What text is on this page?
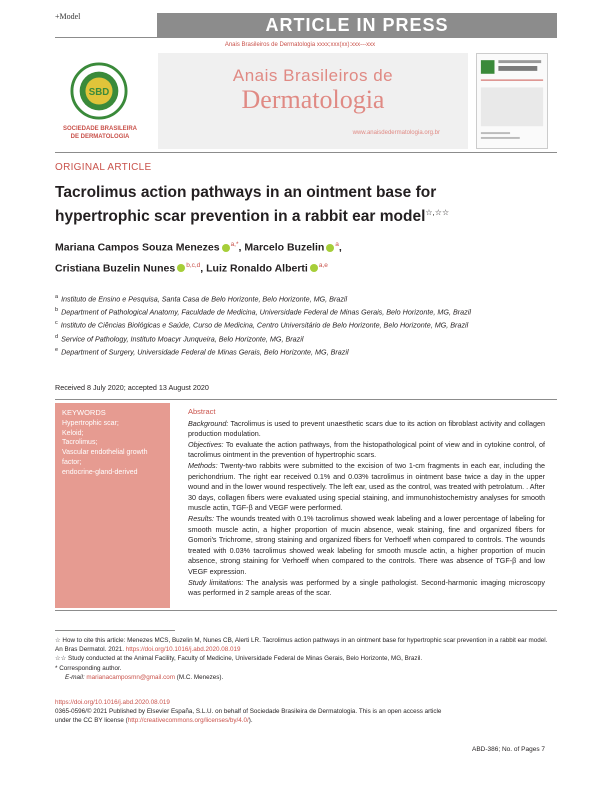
+Model	ARTICLE IN PRESS
Anais Brasileiros de Dermatologia xxxx;xxx(xx):xxx---xxx
SBD
SOCIEDADE BRASILEIRA
DE DERMATOLOGIA
Anais Brasileiros de
Dermatologia
www.anaisdedermatologia.org.br
ORIGINAL ARTICLE
Tacrolimus action pathways in an ointment base for
hypertrophic scar prevention in a rabbit ear model☆,☆☆
Mariana Campos Souza Menezes $^{a,*}$, Marcelo Buzelin $^a$,
Cristiana Buzelin Nunes $^{b,c,d}$, Luiz Ronaldo Alberti $^{a,e}$
$^a$ Instituto de Ensino e Pesquisa, Santa Casa de Belo Horizonte, Belo Horizonte, MG, Brazil
$^b$ Department of Pathological Anatomy, Faculdade de Medicina, Universidade Federal de Minas Gerais, Belo Horizonte, MG, Brazil
$^c$ Instituto de Ciências Biológicas e Saúde, Curso de Medicina, Centro Universitário de Belo Horizonte, Belo Horizonte, MG, Brazil
$^d$ Service of Pathology, Instituto Moacyr Junqueira, Belo Horizonte, MG, Brazil
$^e$ Department of Surgery, Universidade Federal de Minas Gerais, Belo Horizonte, MG, Brazil
Received 8 July 2020; accepted 13 August 2020
KEYWORDS
Hypertrophic scar;
Keloid;
Tacrolimus;
Vascular endothelial growth factor;
endocrine-gland-derived
Abstract

Background: Tacrolimus is used to prevent unaesthetic scars due to its action on fibroblast activity and collagen production modulation.

Objectives: To evaluate the action pathways, from the histopathological point of view and in cytokine control, of tacrolimus ointment in the prevention of hypertrophic scars.

Methods: Twenty-two rabbits were submitted to the excision of two 1-cm fragments in each ear, including the perichondrium. The right ear received 0.1% and 0.03% tacrolimus in ointment base twice a day in the upper wound and in the lower wound respectively. The left ear, used as the control, was treated with petrolatum. . After 30 days, collagen fibers were evaluated using special staining, and immunohistochemistry analyses for smooth muscle actin, TGF-β and VEGF were performed.

Results: The wounds treated with 0.1% tacrolimus showed weak labeling and a lower percentage of labeling for smooth muscle actin, a higher proportion of mucin absence, weak staining, fine and organized fibers for Gomori's Trichrome, strong staining and organized fibers for Verhoeff when compared to controls. The wounds treated with 0.03% tacrolimus showed weak labeling for smooth muscle actin, a higher proportion of mucin absence, strong staining for Verhoeff when compared to the controls. There was absence of TGF-β and low VEGF expression.

Study limitations: The analysis was performed by a single pathologist. Second-harmonic imaging microscopy was performed in 2 sample areas of the scar.

☆ How to cite this article: Menezes MCS, Buzelin M, Nunes CB, Alerti LR. Tacrolimus action pathways in an ointment base for hypertrophic scar prevention in a rabbit ear model. An Bras Dermatol. 2021. https://doi.org/10.1016/j.abd.2020.08.019
☆☆ Study conducted at the Animal Facility, Faculty of Medicine, Universidade Federal de Minas Gerais, Belo Horizonte, MG, Brazil.
* Corresponding author.
E-mail: marianacamposmn@gmail.com (M.C. Menezes).
https://doi.org/10.1016/j.abd.2020.08.019
0365-0596/© 2021 Published by Elsevier España, S.L.U. on behalf of Sociedade Brasileira de Dermatologia. This is an open access article
under the CC BY license (http://creativecommons.org/licenses/by/4.0/).
ABD-386; No. of Pages 7
